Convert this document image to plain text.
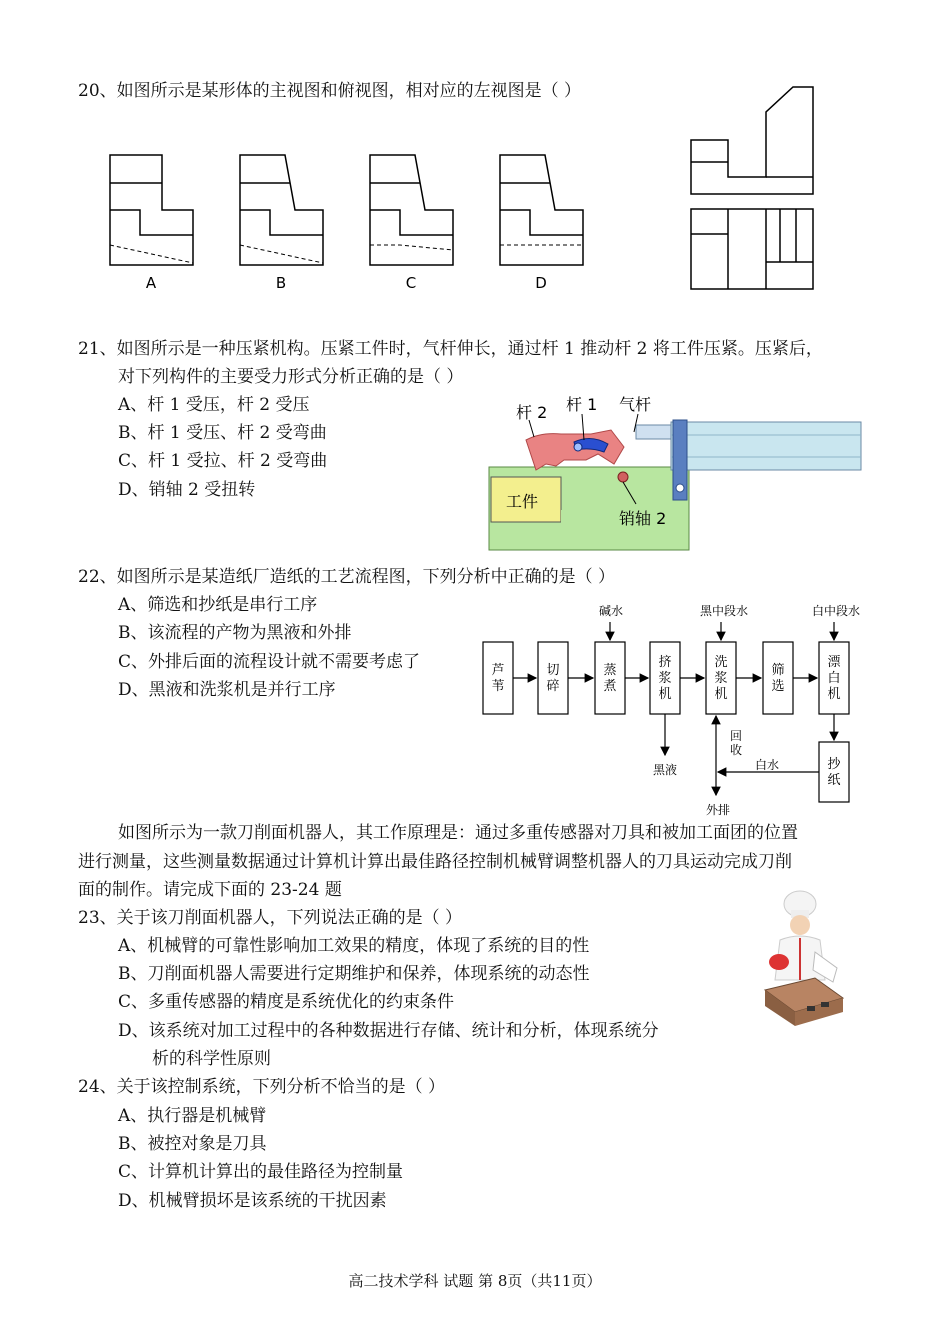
20、如图所示是某形体的主视图和俯视图，相对应的左视图是（ ）
A	B	C	D
21、如图所示是一种压紧机构。压紧工件时，气杆伸长，通过杆 1 推动杆 2 将工件压紧。压紧后，
对下列构件的主要受力形式分析正确的是（ ）
A、杆 1 受压，杆 2 受压
B、杆 1 受压、杆 2 受弯曲
C、杆 1 受拉、杆 2 受弯曲
D、销轴 2 受扭转
杆 2 杆 1 气杆
工件
销轴 2
22、如图所示是某造纸厂造纸的工艺流程图，下列分析中正确的是（ ）
A、筛选和抄纸是串行工序
B、该流程的产物为黑液和外排
C、外排后面的流程设计就不需要考虑了
D、黑液和洗浆机是并行工序
碱水	黑中段水	白中段水
黑液	白水
外排
回收
芦苇
切碎
蒸煮
挤浆机
洗浆机
筛选
漂白机
抄纸
如图所示为一款刀削面机器人，其工作原理是：通过多重传感器对刀具和被加工面团的位置
进行测量，这些测量数据通过计算机计算出最佳路径控制机械臂调整机器人的刀具运动完成刀削
面的制作。请完成下面的 23-24 题
23、关于该刀削面机器人，下列说法正确的是（ ）
A、机械臂的可靠性影响加工效果的精度，体现了系统的目的性
B、刀削面机器人需要进行定期维护和保养，体现系统的动态性
C、多重传感器的精度是系统优化的约束条件
D、该系统对加工过程中的各种数据进行存储、统计和分析，体现系统分
析的科学性原则
24、关于该控制系统，下列分析不恰当的是（ ）
A、执行器是机械臂
B、被控对象是刀具
C、计算机计算出的最佳路径为控制量
D、机械臂损坏是该系统的干扰因素
高二技术学科 试题 第 8页（共11页）
